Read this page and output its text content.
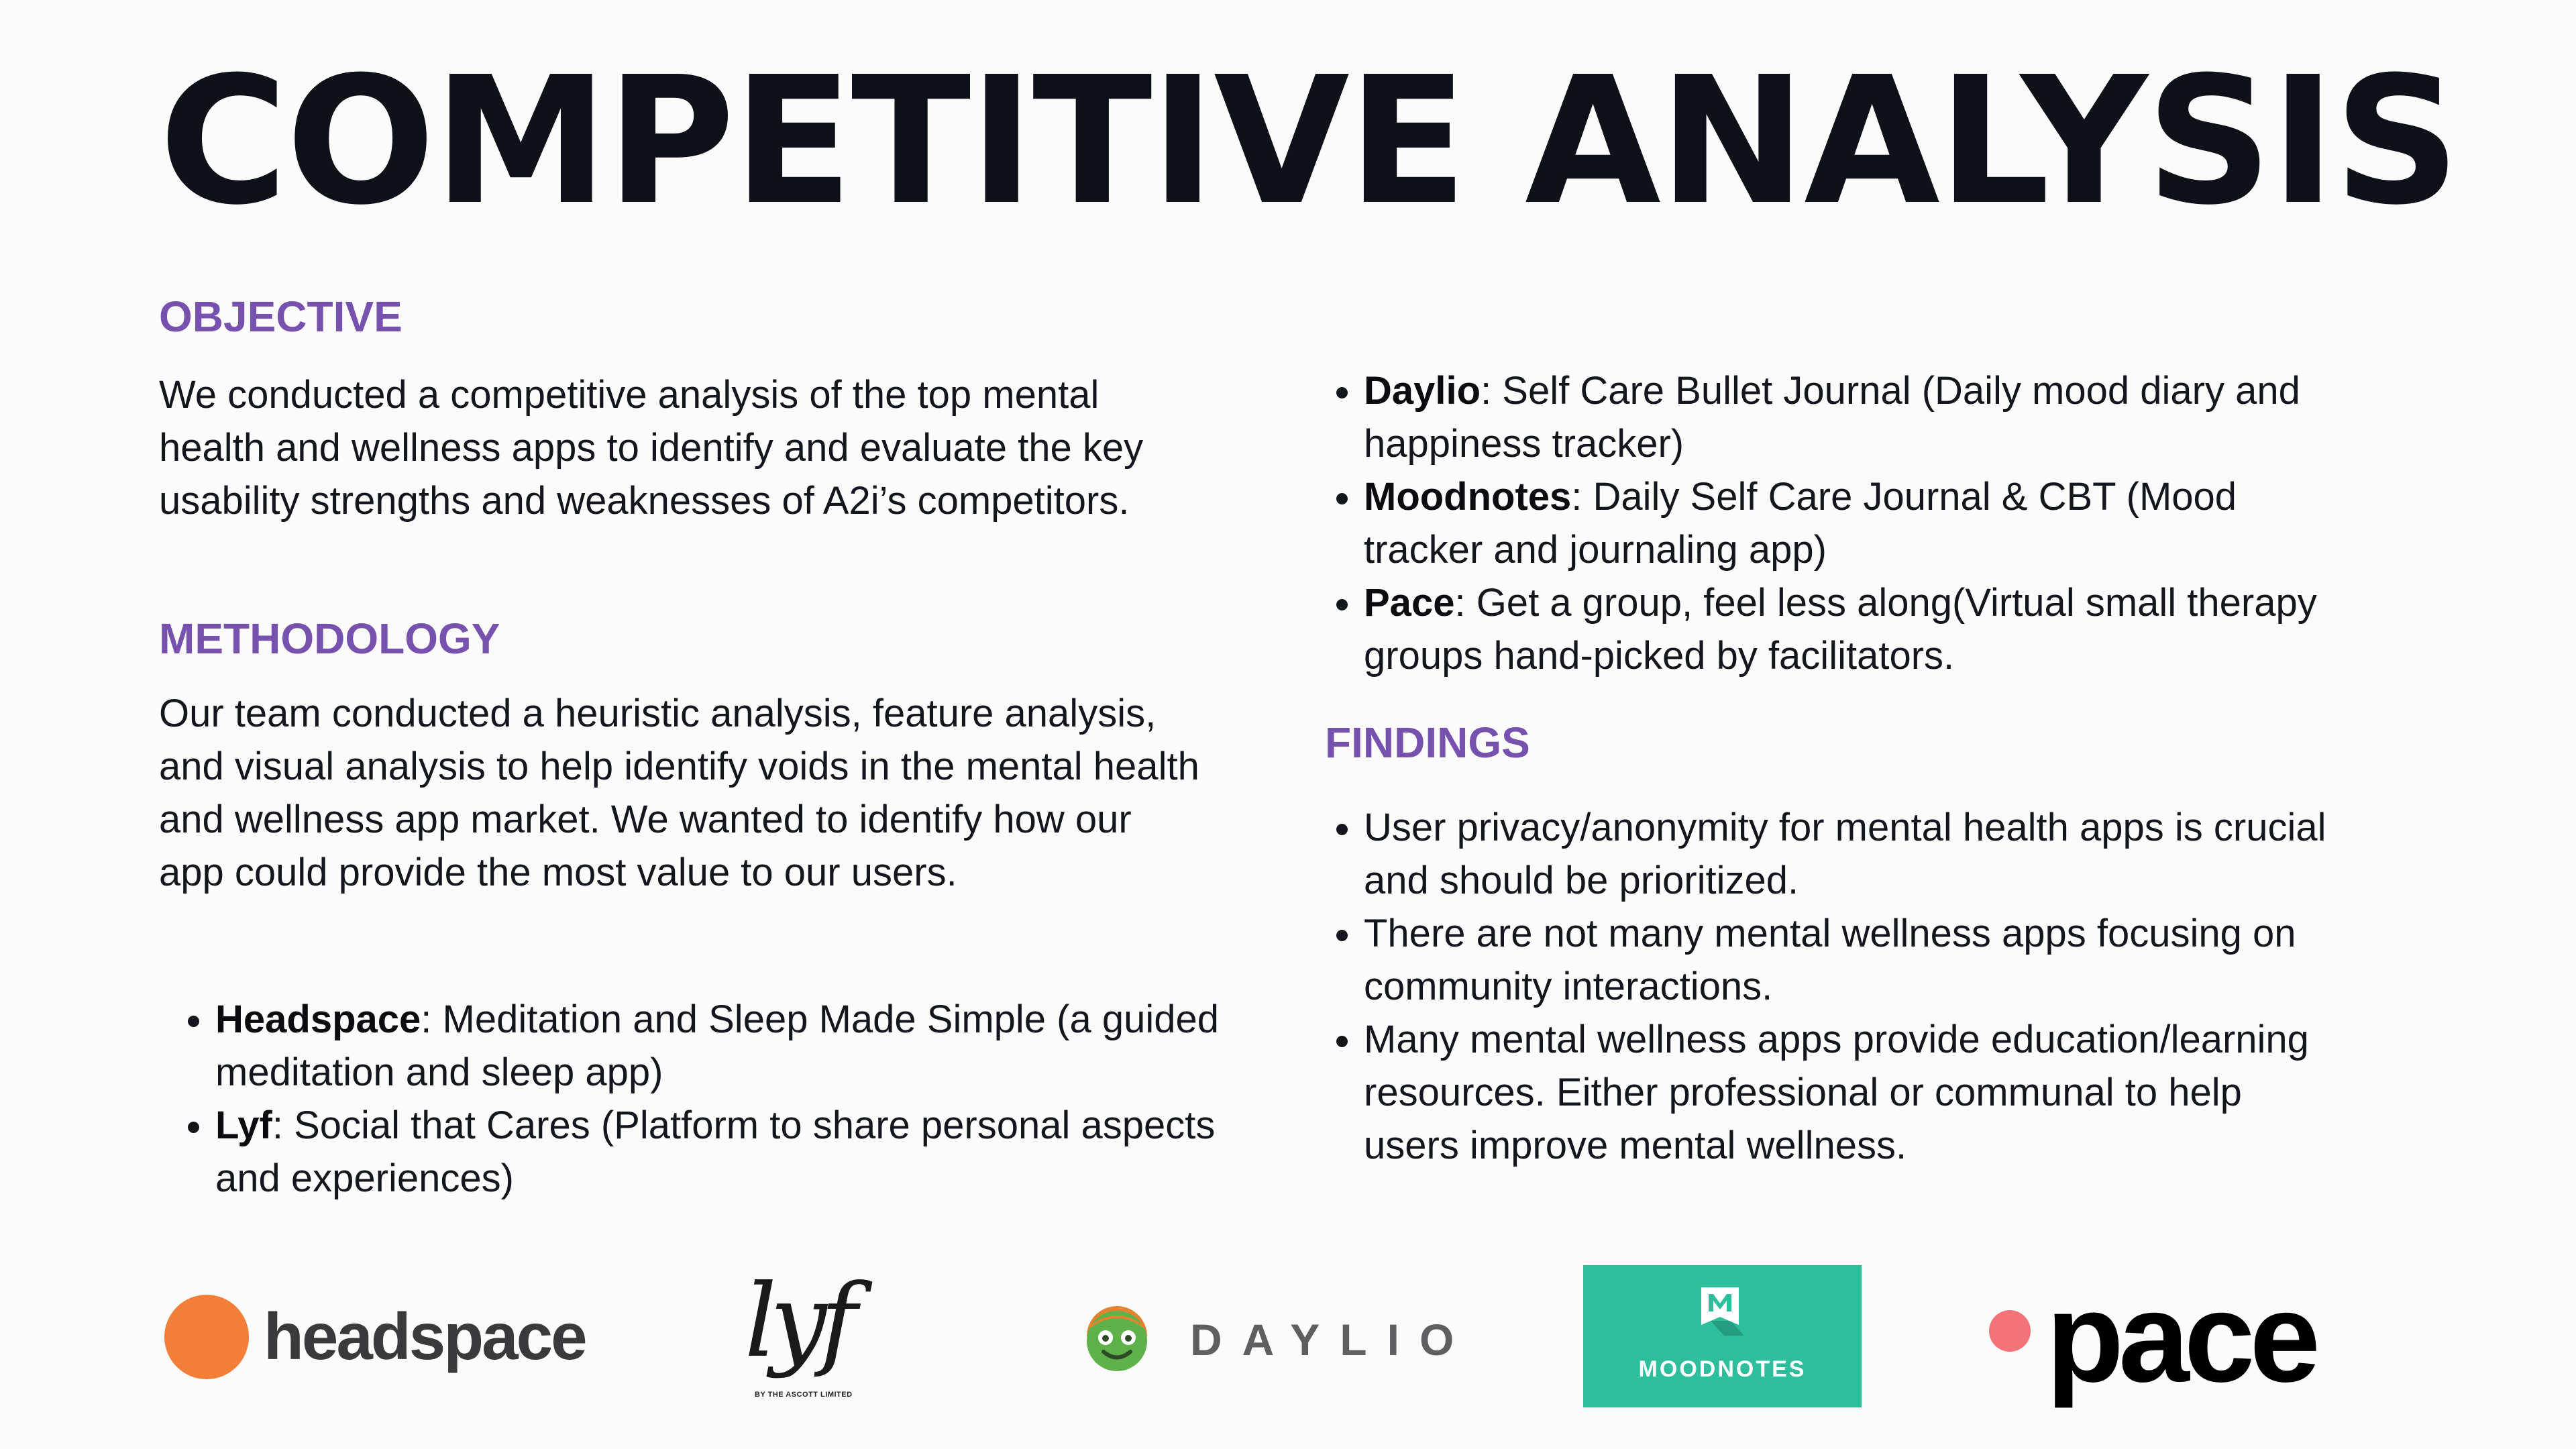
COMPETITIVE ANALYSIS
OBJECTIVE

We conducted a competitive analysis of the top mental health and wellness apps to identify and evaluate the key usability strengths and weaknesses of A2i’s competitors.

METHODOLOGY

Our team conducted a heuristic analysis, feature analysis, and visual analysis to help identify voids in the mental health and wellness app market. We wanted to identify how our app could provide the most value to our users.

• Headspace: Meditation and Sleep Made Simple (a guided meditation and sleep app)
• Lyf: Social that Cares (Platform to share personal aspects and experiences)
• Daylio: Self Care Bullet Journal (Daily mood diary and happiness tracker)
• Moodnotes: Daily Self Care Journal & CBT (Mood tracker and journaling app)
• Pace: Get a group, feel less along(Virtual small therapy groups hand-picked by facilitators.
FINDINGS
• User privacy/anonymity for mental health apps is crucial and should be prioritized.
• There are not many mental wellness apps focusing on community interactions.
• Many mental wellness apps provide education/learning resources. Either professional or communal to help users improve mental wellness.
headspace lyf
BY THE ASCOTT LIMITED
DAYLIO
MOODNOTES	pace
